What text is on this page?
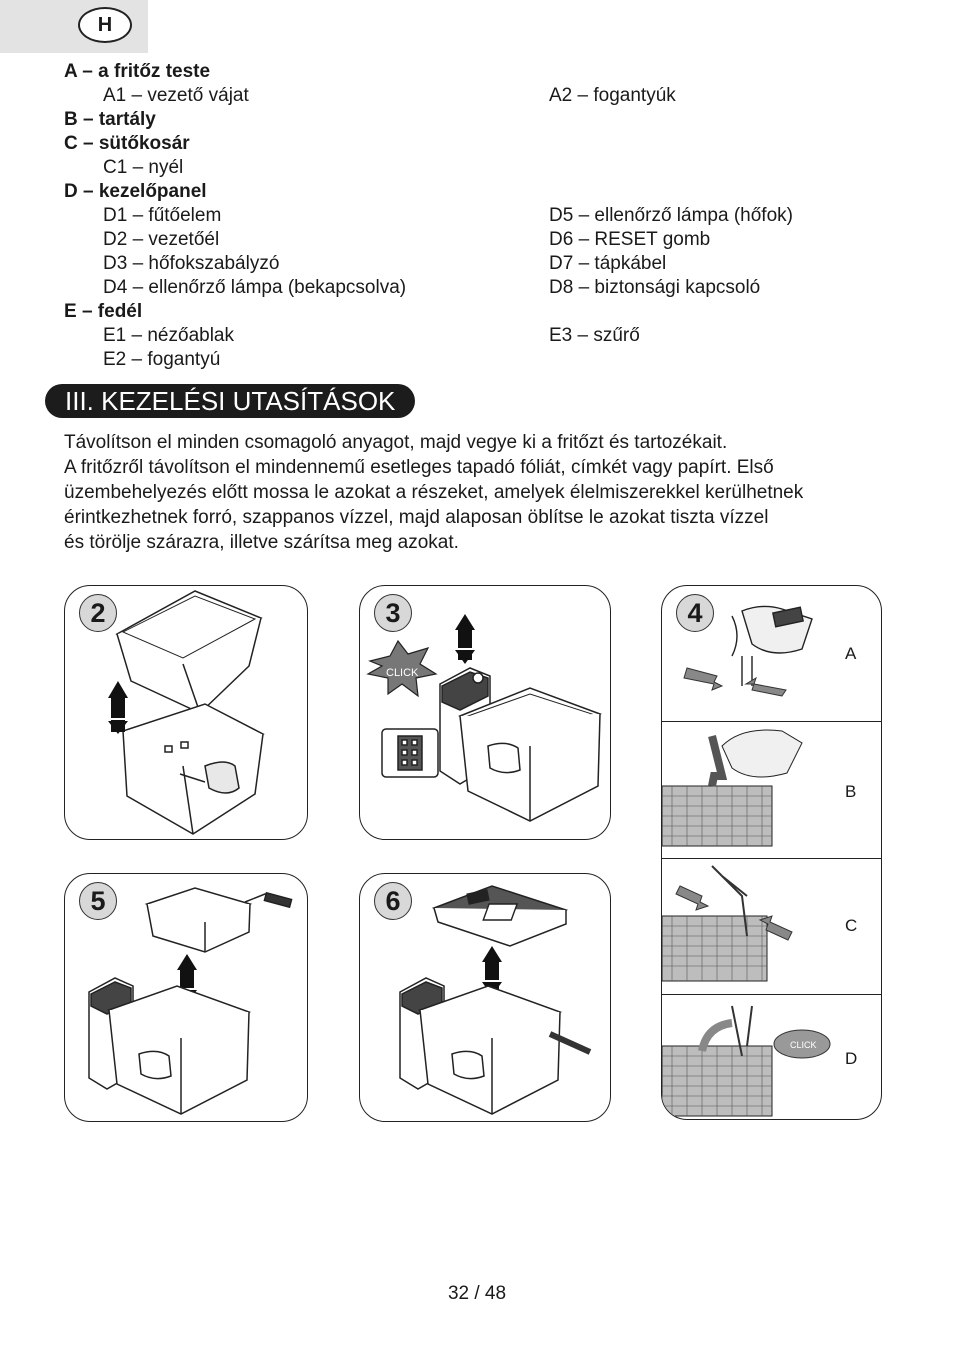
H
A – a fritőz teste
A1 – vezető vájat	A2 – fogantyúk
B – tartály
C – sütőkosár
C1 – nyél
D – kezelőpanel
D1 – fűtőelem
D2 – vezetőél
D3 – hőfokszabályzó
D4 – ellenőrző lámpa (bekapcsolva)
D5 – ellenőrző lámpa (hőfok)
D6 – RESET gomb
D7 – tápkábel
D8 – biztonsági kapcsoló
E – fedél
E1 – nézőablak
E2 – fogantyú
E3 – szűrő
III. KEZELÉSI UTASÍTÁSOK

Távolítson el minden csomagoló anyagot, majd vegye ki a fritőzt és tartozékait.

A fritőzről távolítson el mindennemű esetleges tapadó fóliát, címkét vagy papírt. Első

üzembehelyezés előtt mossa le azokat a részeket, amelyek élelmiszerekkel kerülhetnek

érintkezhetnek forró, szappanos vízzel, majd alaposan öblítse le azokat tiszta vízzel

és törölje szárazra, illetve szárítsa meg azokat.

2
CLICK
3
CLICK
A
B
C
D
4
5	6
32 / 48
